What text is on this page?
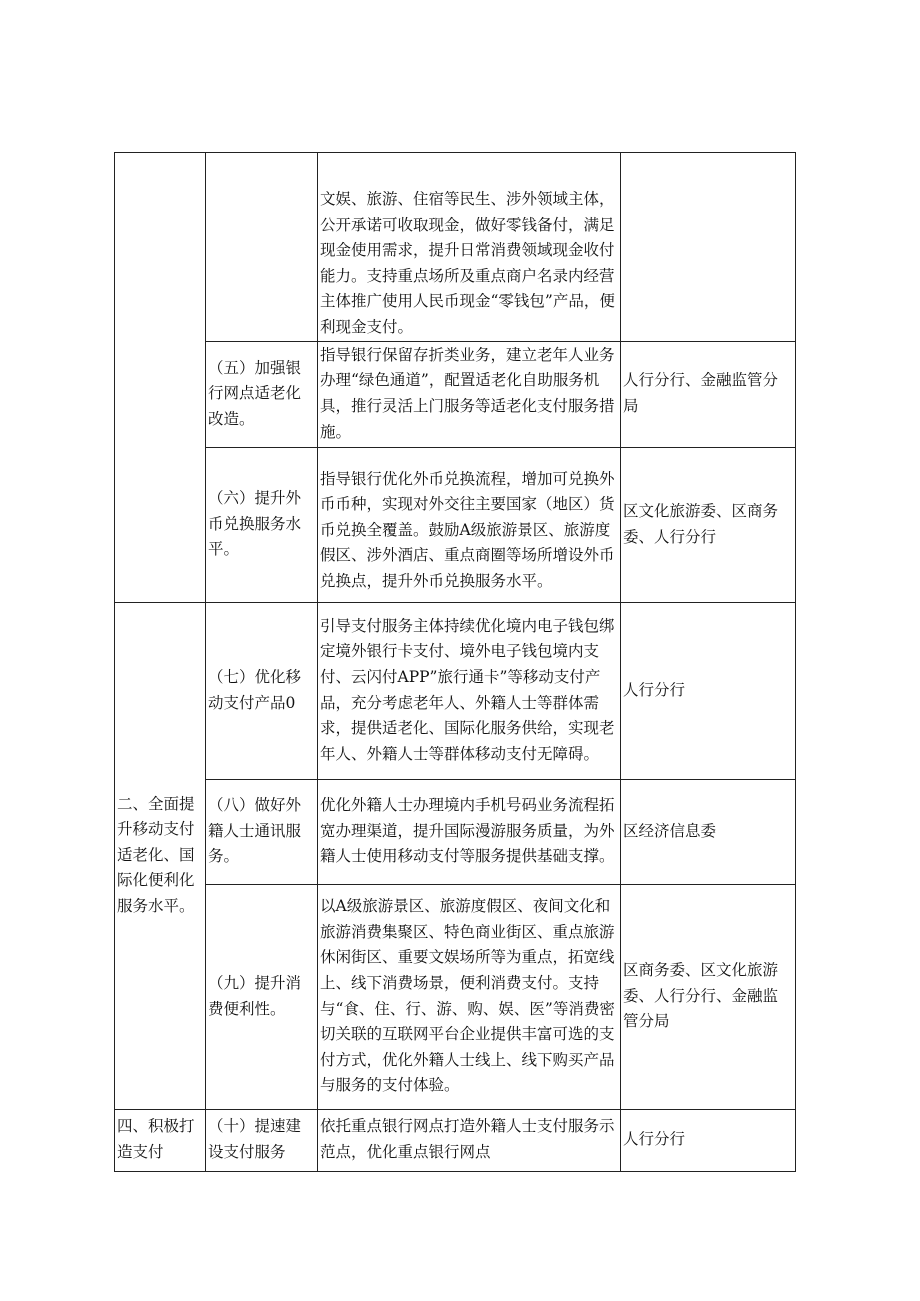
		文娱、旅游、住宿等民生、涉外领域主体，公开承诺可收取现金，做好零钱备付，满足现金使用需求，提升日常消费领域现金收付能力。支持重点场所及重点商户名录内经营主体推广使用人民币现金“零钱包”产品，便利现金支付。	

	（五）加强银行网点适老化改造。	指导银行保留存折类业务，建立老年人业务办理“绿色通道”，配置适老化自助服务机具，推行灵活上门服务等适老化支付服务措施。	人行分行、金融监管分局

	（六）提升外币兑换服务水平。	指导银行优化外币兑换流程，增加可兑换外币币种，实现对外交往主要国家（地区）货币兑换全覆盖。鼓励A级旅游景区、旅游度假区、涉外酒店、重点商圈等场所增设外币兑换点，提升外币兑换服务水平。	区文化旅游委、区商务委、人行分行

二、全面提升移动支付适老化、国际化便利化服务水平。	（七）优化移动支付产品0	引导支付服务主体持续优化境内电子钱包绑定境外银行卡支付、境外电子钱包境内支付、云闪付APP”旅行通卡”等移动支付产品，充分考虑老年人、外籍人士等群体需求，提供适老化、国际化服务供给，实现老年人、外籍人士等群体移动支付无障碍。	人行分行

	（八）做好外籍人士通讯服务。	优化外籍人士办理境内手机号码业务流程拓宽办理渠道，提升国际漫游服务质量，为外籍人士使用移动支付等服务提供基础支撑。	区经济信息委

	（九）提升消费便利性。	以A级旅游景区、旅游度假区、夜间文化和旅游消费集聚区、特色商业街区、重点旅游休闲街区、重要文娱场所等为重点，拓宽线上、线下消费场景，便利消费支付。支持与“食、住、行、游、购、娱、医”等消费密切关联的互联网平台企业提供丰富可选的支付方式，优化外籍人士线上、线下购买产品与服务的支付体验。	区商务委、区文化旅游委、人行分行、金融监管分局

四、积极打造支付	（十）提速建设支付服务	依托重点银行网点打造外籍人士支付服务示范点，优化重点银行网点	人行分行
